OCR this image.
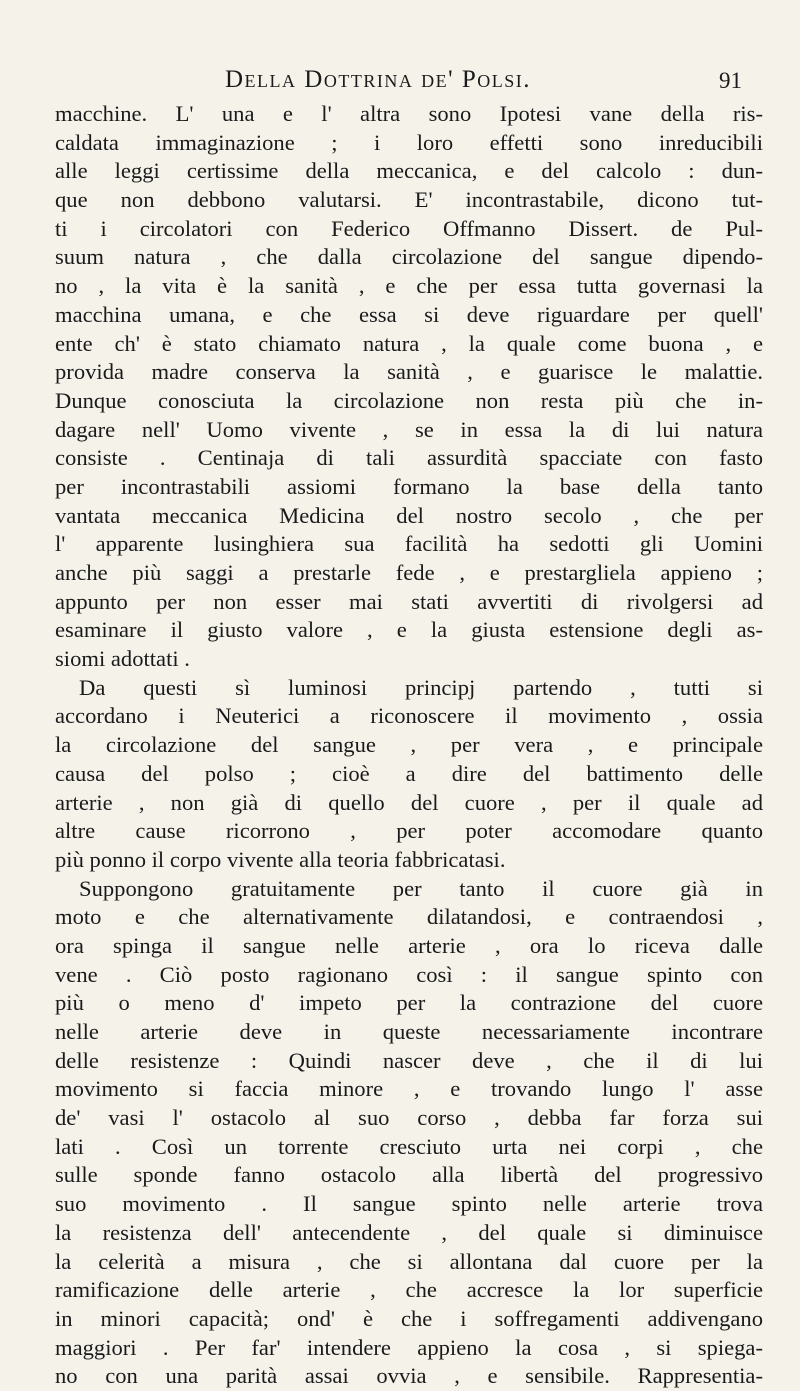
Della Dottrina de' Polsi.	91
macchine. L' una e l' altra sono Ipotesi vane della ris-
caldata immaginazione ; i loro effetti sono inreducibili
alle leggi certissime della meccanica, e del calcolo : dun-
que non debbono valutarsi. E' incontrastabile, dicono tut-
ti i circolatori con Federico Offmanno Dissert. de Pul-
suum natura , che dalla circolazione del sangue dipendo-
no , la vita è la sanità , e che per essa tutta governasi la
macchina umana, e che essa si deve riguardare per quell'
ente ch' è stato chiamato natura , la quale come buona , e
provida madre conserva la sanità , e guarisce le malattie.
Dunque conosciuta la circolazione non resta più che in-
dagare nell' Uomo vivente , se in essa la di lui natura
consiste . Centinaja di tali assurdità spacciate con fasto
per incontrastabili assiomi formano la base della tanto
vantata meccanica Medicina del nostro secolo , che per
l' apparente lusinghiera sua facilità ha sedotti gli Uomini
anche più saggi a prestarle fede , e prestargliela appieno ;
appunto per non esser mai stati avvertiti di rivolgersi ad
esaminare il giusto valore , e la giusta estensione degli as-
siomi adottati .
Da questi sì luminosi principj partendo , tutti si
accordano i Neuterici a riconoscere il movimento , ossia
la circolazione del sangue , per vera , e principale
causa del polso ; cioè a dire del battimento delle
arterie , non già di quello del cuore , per il quale ad
altre cause ricorrono , per poter accomodare quanto
più ponno il corpo vivente alla teoria fabbricatasi.
Suppongono gratuitamente per tanto il cuore già in
moto e che alternativamente dilatandosi, e contraendosi ,
ora spinga il sangue nelle arterie , ora lo riceva dalle
vene . Ciò posto ragionano così : il sangue spinto con
più o meno d' impeto per la contrazione del cuore
nelle arterie deve in queste necessariamente incontrare
delle resistenze : Quindi nascer deve , che il di lui
movimento si faccia minore , e trovando lungo l' asse
de' vasi l' ostacolo al suo corso , debba far forza sui
lati . Così un torrente cresciuto urta nei corpi , che
sulle sponde fanno ostacolo alla libertà del progressivo
suo movimento . Il sangue spinto nelle arterie trova
la resistenza dell' antecendente , del quale si diminuisce
la celerità a misura , che si allontana dal cuore per la
ramificazione delle arterie , che accresce la lor superficie
in minori capacità; ond' è che i soffregamenti addivengano
maggiori . Per far' intendere appieno la cosa , si spiega-
no con una parità assai ovvia , e sensibile. Rappresentia-
